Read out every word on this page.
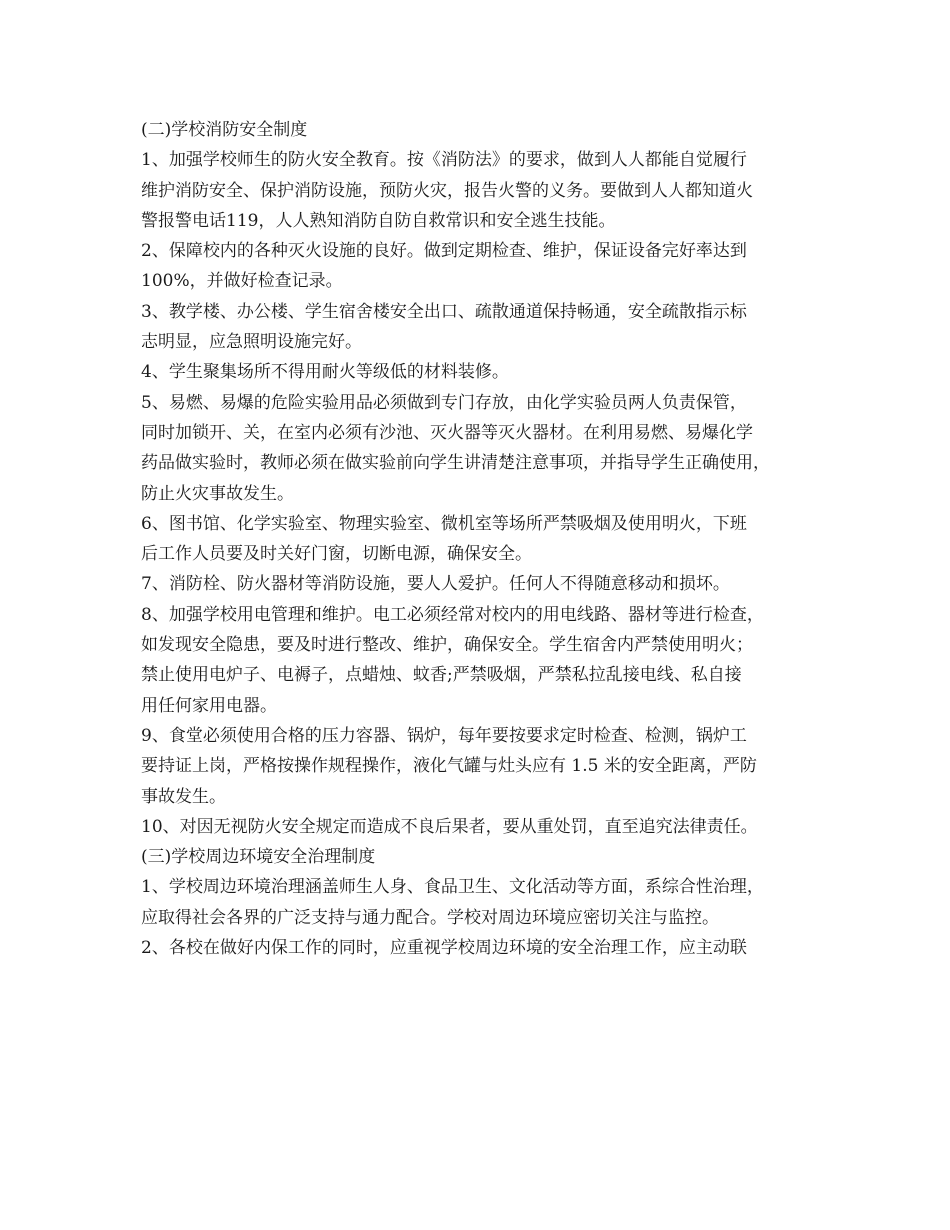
(二)学校消防安全制度
1、加强学校师生的防火安全教育。按《消防法》的要求，做到人人都能自觉履行
维护消防安全、保护消防设施，预防火灾，报告火警的义务。要做到人人都知道火
警报警电话119，人人熟知消防自防自救常识和安全逃生技能。
2、保障校内的各种灭火设施的良好。做到定期检查、维护，保证设备完好率达到
100%，并做好检查记录。
3、教学楼、办公楼、学生宿舍楼安全出口、疏散通道保持畅通，安全疏散指示标
志明显，应急照明设施完好。
4、学生聚集场所不得用耐火等级低的材料装修。
5、易燃、易爆的危险实验用品必须做到专门存放，由化学实验员两人负责保管，
同时加锁开、关，在室内必须有沙池、灭火器等灭火器材。在利用易燃、易爆化学
药品做实验时，教师必须在做实验前向学生讲清楚注意事项，并指导学生正确使用，
防止火灾事故发生。
6、图书馆、化学实验室、物理实验室、微机室等场所严禁吸烟及使用明火，下班
后工作人员要及时关好门窗，切断电源，确保安全。
7、消防栓、防火器材等消防设施，要人人爱护。任何人不得随意移动和损坏。
8、加强学校用电管理和维护。电工必须经常对校内的用电线路、器材等进行检查，
如发现安全隐患，要及时进行整改、维护，确保安全。学生宿舍内严禁使用明火；
禁止使用电炉子、电褥子，点蜡烛、蚊香;严禁吸烟，严禁私拉乱接电线、私自接
用任何家用电器。
9、食堂必须使用合格的压力容器、锅炉，每年要按要求定时检查、检测，锅炉工
要持证上岗，严格按操作规程操作，液化气罐与灶头应有 1.5 米的安全距离，严防
事故发生。
10、对因无视防火安全规定而造成不良后果者，要从重处罚，直至追究法律责任。
(三)学校周边环境安全治理制度
1、学校周边环境治理涵盖师生人身、食品卫生、文化活动等方面，系综合性治理，
应取得社会各界的广泛支持与通力配合。学校对周边环境应密切关注与监控。
2、各校在做好内保工作的同时，应重视学校周边环境的安全治理工作，应主动联
